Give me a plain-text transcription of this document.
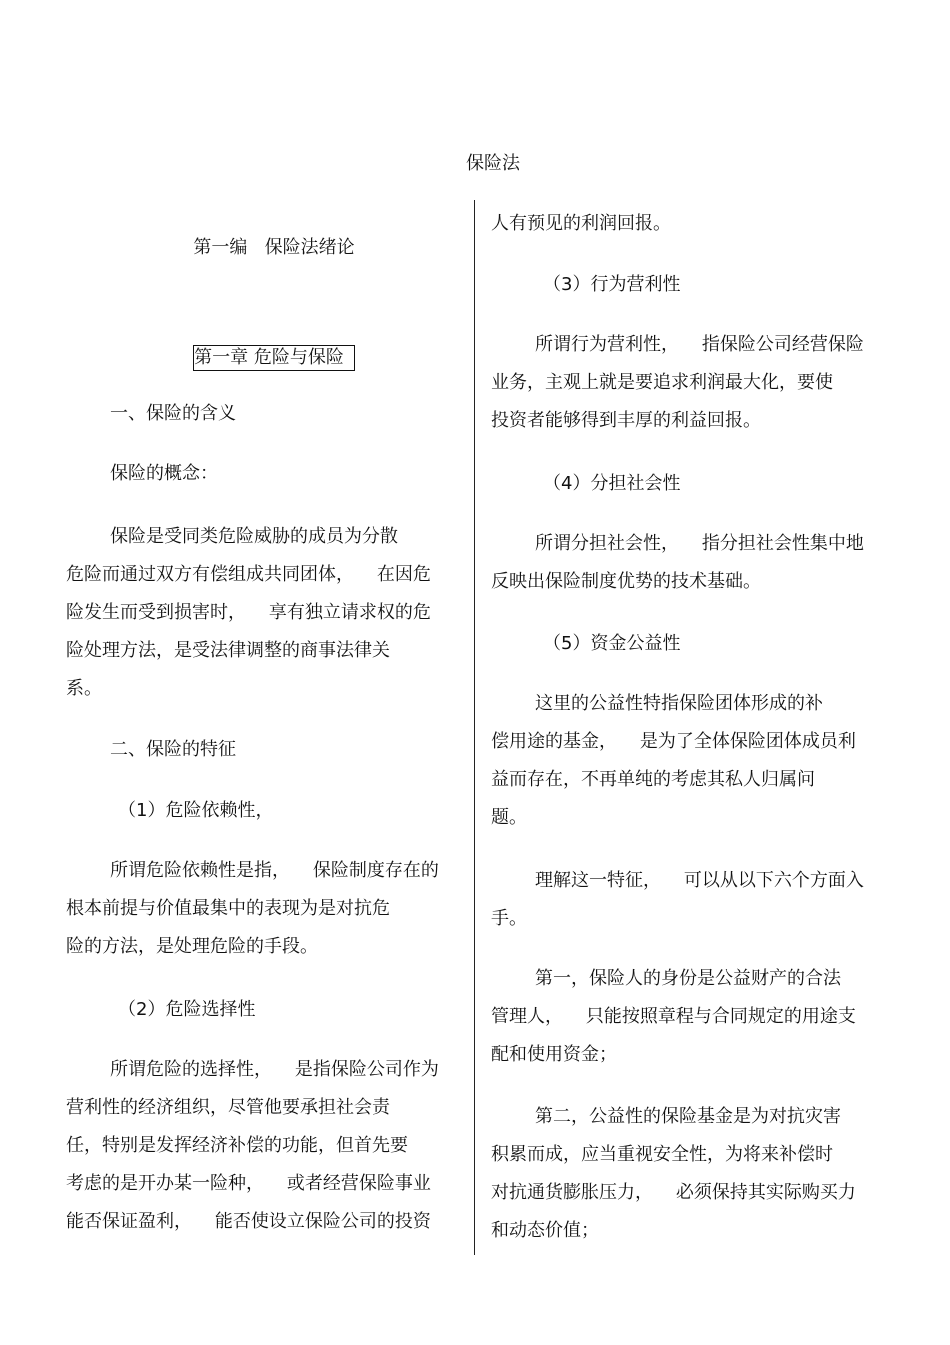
保险法
第一编   保险法绪论
第一章 危险与保险
一、保险的含义
保险的概念：
保险是受同类危险威胁的成员为分散
危险而通过双方有偿组成共同团体，    在因危
险发生而受到损害时，    享有独立请求权的危
险处理方法，是受法律调整的商事法律关
系。
二、保险的特征
（1）危险依赖性，
所谓危险依赖性是指，    保险制度存在的
根本前提与价值最集中的表现为是对抗危
险的方法，是处理危险的手段。
（2）危险选择性
所谓危险的选择性，    是指保险公司作为
营利性的经济组织，尽管他要承担社会责
任，特别是发挥经济补偿的功能，但首先要
考虑的是开办某一险种，    或者经营保险事业
能否保证盈利，    能否使设立保险公司的投资
人有预见的利润回报。
（3）行为营利性
所谓行为营利性，    指保险公司经营保险
业务，主观上就是要追求利润最大化，要使
投资者能够得到丰厚的利益回报。
（4）分担社会性
所谓分担社会性，    指分担社会性集中地
反映出保险制度优势的技术基础。
（5）资金公益性
这里的公益性特指保险团体形成的补
偿用途的基金，    是为了全体保险团体成员利
益而存在，不再单纯的考虑其私人归属问
题。
理解这一特征，    可以从以下六个方面入
手。
第一，保险人的身份是公益财产的合法
管理人，    只能按照章程与合同规定的用途支
配和使用资金；
第二，公益性的保险基金是为对抗灾害
积累而成，应当重视安全性，为将来补偿时
对抗通货膨胀压力，    必须保持其实际购买力
和动态价值；
